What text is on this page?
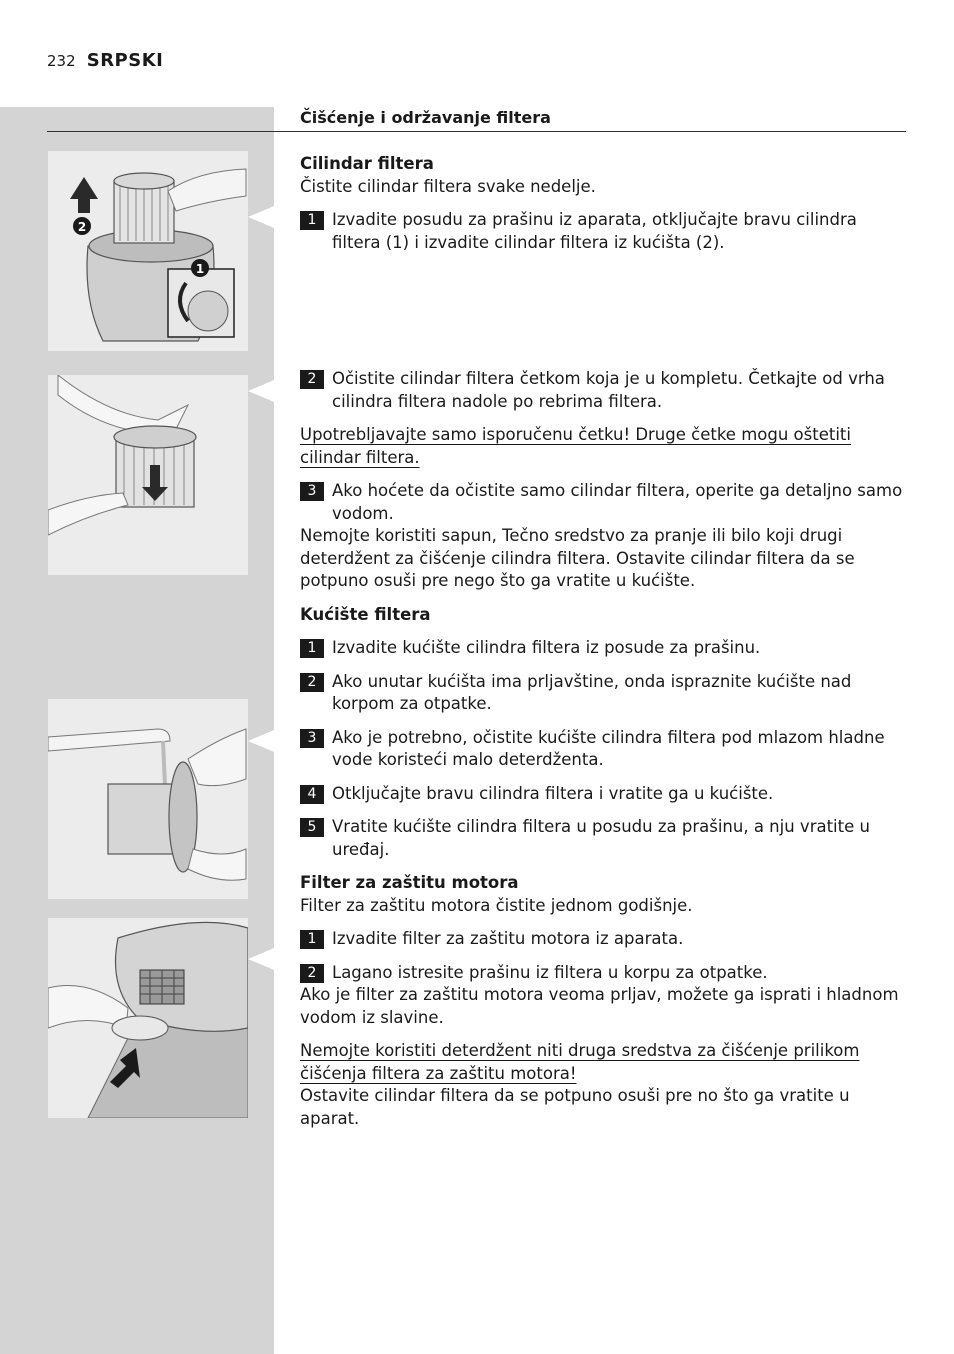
232 SRPSKI
Čišćenje i održavanje filtera
2
1

Cilindar filtera

Čistite cilindar filtera svake nedelje.

1 Izvadite posudu za prašinu iz aparata, otključajte bravu cilindra filtera (1) i izvadite cilindar filtera iz kućišta (2).

2 Očistite cilindar filtera četkom koja je u kompletu. Četkajte od vrha cilindra filtera nadole po rebrima filtera.

Upotrebljavajte samo isporučenu četku! Druge četke mogu oštetiti cilindar filtera.

3 Ako hoćete da očistite samo cilindar filtera, operite ga detaljno samo vodom.

Nemojte koristiti sapun, Tečno sredstvo za pranje ili bilo koji drugi deterdžent za čišćenje cilindra filtera. Ostavite cilindar filtera da se potpuno osuši pre nego što ga vratite u kućište.

Kućište filtera

1 Izvadite kućište cilindra filtera iz posude za prašinu.

2 Ako unutar kućišta ima prljavštine, onda ispraznite kućište nad korpom za otpatke.

3 Ako je potrebno, očistite kućište cilindra filtera pod mlazom hladne vode koristeći malo deterdženta.

4 Otključajte bravu cilindra filtera i vratite ga u kućište.

5 Vratite kućište cilindra filtera u posudu za prašinu, a nju vratite u uređaj.

Filter za zaštitu motora

Filter za zaštitu motora čistite jednom godišnje.

1 Izvadite filter za zaštitu motora iz aparata.

2 Lagano istresite prašinu iz filtera u korpu za otpatke.

Ako je filter za zaštitu motora veoma prljav, možete ga isprati i hladnom vodom iz slavine.

Nemojte koristiti deterdžent niti druga sredstva za čišćenje prilikom čišćenja filtera za zaštitu motora!

Ostavite cilindar filtera da se potpuno osuši pre no što ga vratite u aparat.
